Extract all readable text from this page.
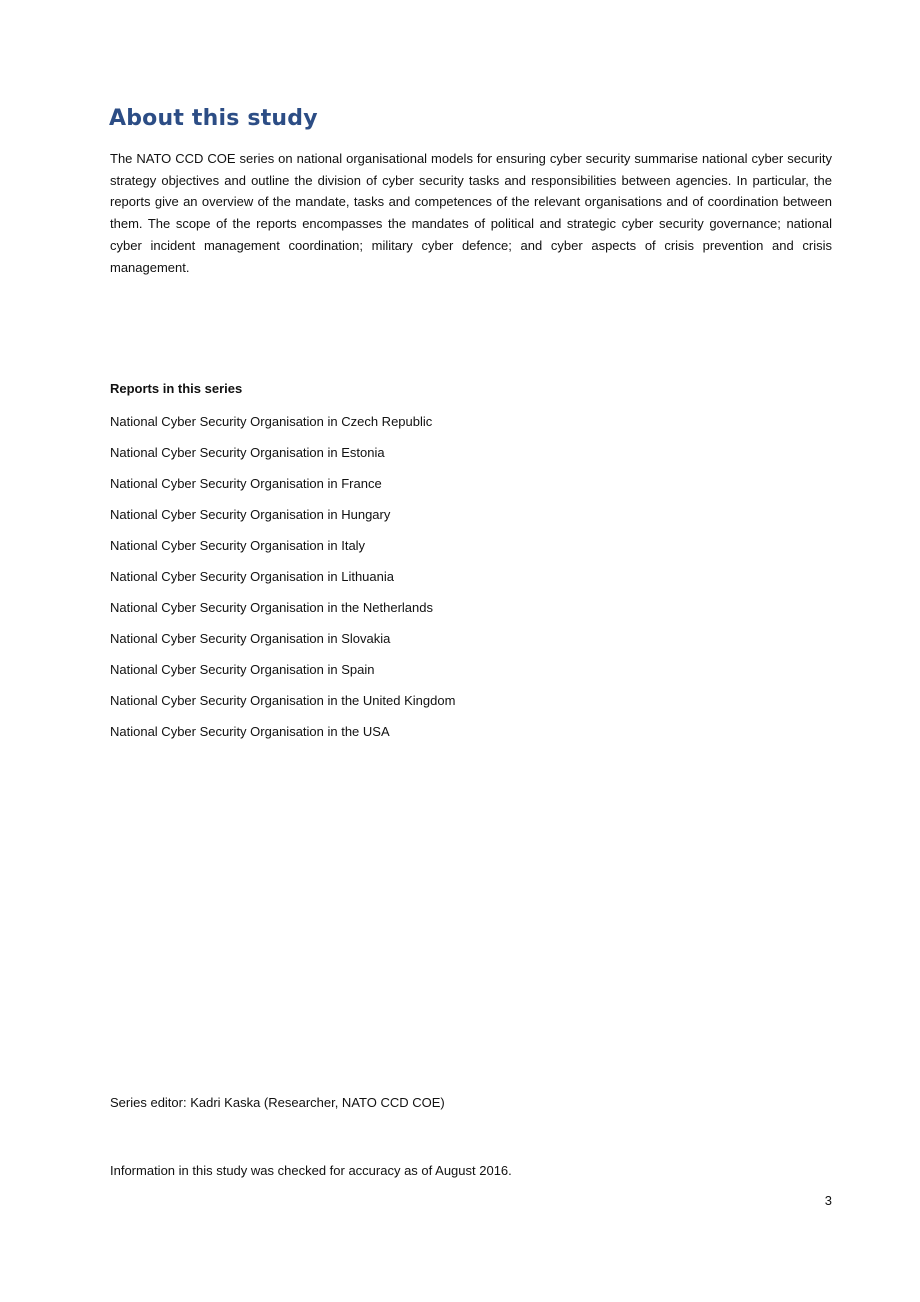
About this study

The NATO CCD COE series on national organisational models for ensuring cyber security summarise national cyber security strategy objectives and outline the division of cyber security tasks and responsibilities between agencies. In particular, the reports give an overview of the mandate, tasks and competences of the relevant organisations and of coordination between them. The scope of the reports encompasses the mandates of political and strategic cyber security governance; national cyber incident management coordination; military cyber defence; and cyber aspects of crisis prevention and crisis management.

Reports in this series

National Cyber Security Organisation in Czech Republic
National Cyber Security Organisation in Estonia
National Cyber Security Organisation in France
National Cyber Security Organisation in Hungary
National Cyber Security Organisation in Italy
National Cyber Security Organisation in Lithuania
National Cyber Security Organisation in the Netherlands
National Cyber Security Organisation in Slovakia
National Cyber Security Organisation in Spain
National Cyber Security Organisation in the United Kingdom
National Cyber Security Organisation in the USA

Series editor: Kadri Kaska (Researcher, NATO CCD COE)

Information in this study was checked for accuracy as of August 2016.

3
